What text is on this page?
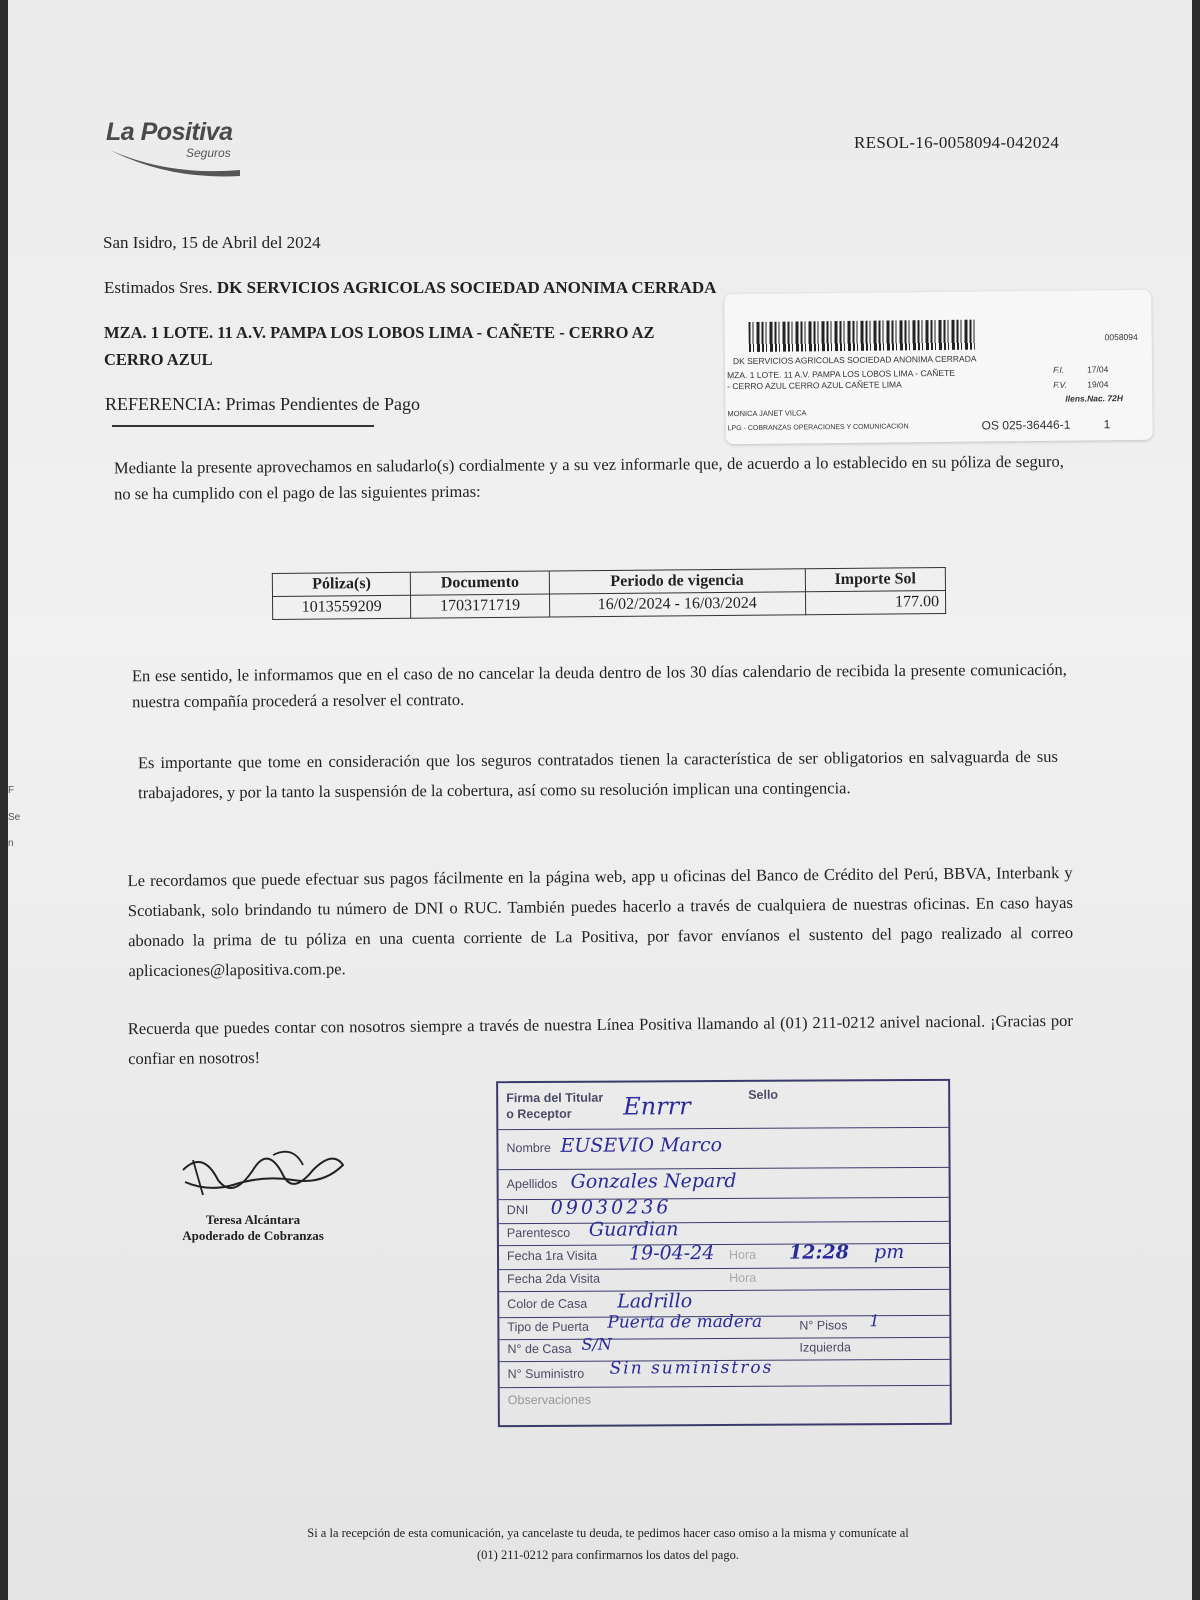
La Positiva
Seguros
RESOL-16-0058094-042024
San Isidro, 15 de Abril del 2024
Estimados Sres. DK SERVICIOS AGRICOLAS SOCIEDAD ANONIMA CERRADA
MZA. 1 LOTE. 11 A.V. PAMPA LOS LOBOS LIMA - CAÑETE - CERRO AZ
CERRO AZUL
REFERENCIA: Primas Pendientes de Pago
0058094
DK SERVICIOS AGRICOLAS SOCIEDAD ANONIMA CERRADA
MZA. 1 LOTE. 11 A.V. PAMPA LOS LOBOS LIMA - CAÑETE
- CERRO AZUL CERRO AZUL CAÑETE LIMA
F.I.	17/04
F.V. 19/04
Ilens.Nac. 72H
MONICA JANET VILCA
LPG - COBRANZAS OPERACIONES Y COMUNICACION	OS 025-36446-1	1
Mediante la presente aprovechamos en saludarlo(s) cordialmente y a su vez informarle que, de acuerdo a lo establecido en su póliza de seguro, no se ha cumplido con el pago de las siguientes primas:
Póliza(s)	Documento	Periodo de vigencia	Importe Sol
1013559209	1703171719	16/02/2024 - 16/03/2024	177.00
En ese sentido, le informamos que en el caso de no cancelar la deuda dentro de los 30 días calendario de recibida la presente comunicación, nuestra compañía procederá a resolver el contrato.
Es importante que tome en consideración que los seguros contratados tienen la característica de ser obligatorios en salvaguarda de sus trabajadores, y por la tanto la suspensión de la cobertura, así como su resolución implican una contingencia.
Le recordamos que puede efectuar sus pagos fácilmente en la página web, app u oficinas del Banco de Crédito del Perú, BBVA, Interbank y Scotiabank, solo brindando tu número de DNI o RUC. También puedes hacerlo a través de cualquiera de nuestras oficinas. En caso hayas abonado la prima de tu póliza en una cuenta corriente de La Positiva, por favor envíanos el sustento del pago realizado al correo aplicaciones@lapositiva.com.pe.
Recuerda que puedes contar con nosotros siempre a través de nuestra Línea Positiva llamando al (01) 211-0212 anivel nacional. ¡Gracias por confiar en nosotros!
Teresa Alcántara
Apoderado de Cobranzas
Firma del Titular
o Receptor
Sello
Enrrr
Nombre EUSEVIO Marco
Apellidos Gonzales Nepard
DNI 09030236
Parentesco Guardian
Fecha 1ra Visita 19-04-24 Hora 12:28 pm
Fecha 2da Visita	Hora
Color de Casa Ladrillo
Tipo de Puerta Puerta de madera	N° Pisos 1
N° de Casa S/N	Izquierda
N° Suministro Sin suministros
Observaciones
Si a la recepción de esta comunicación, ya cancelaste tu deuda, te pedimos hacer caso omiso a la misma y comunícate al
(01) 211-0212 para confirmarnos los datos del pago.
F
Se
n
